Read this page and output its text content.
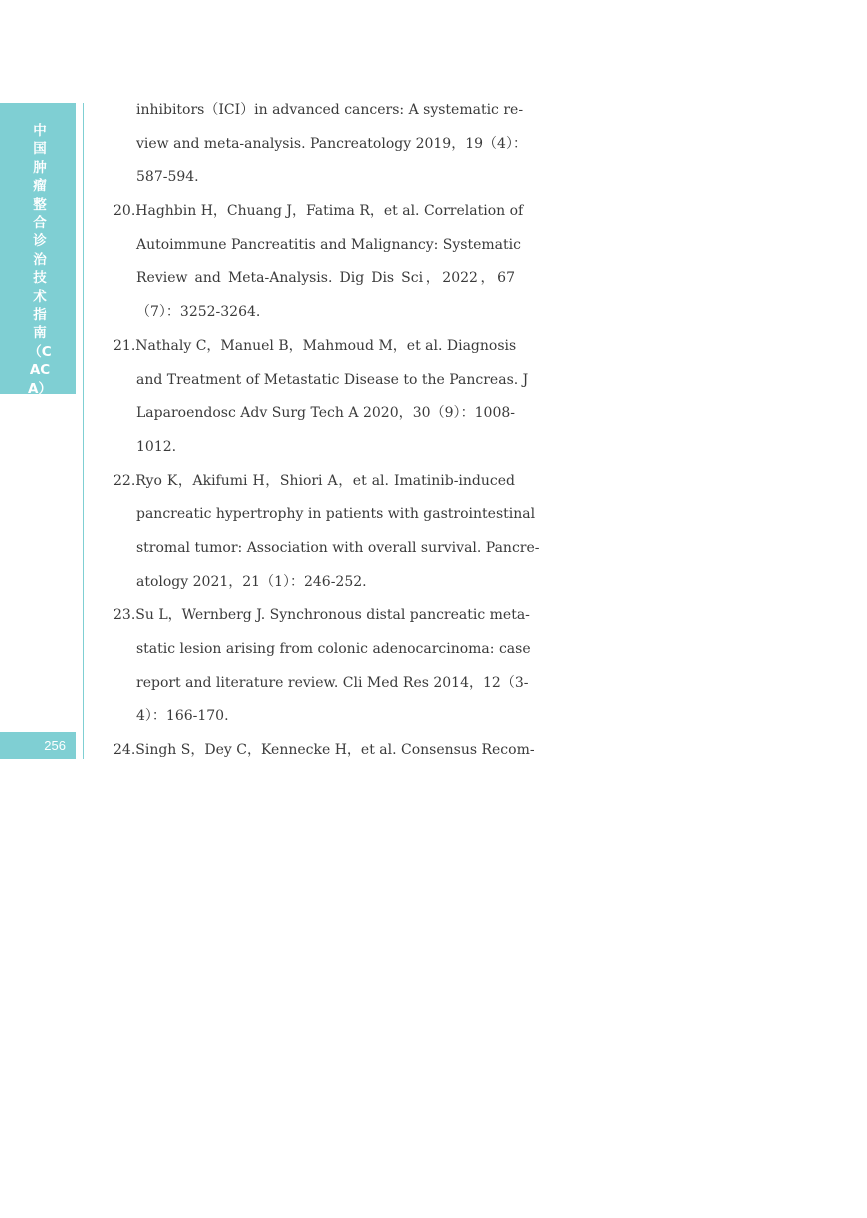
中国肿瘤整合诊治技术指南（CACA）
256
inhibitors（ICI）in advanced cancers: A systematic re-
view and meta-analysis. Pancreatology 2019，19（4）：
587-594.
20.Haghbin H，Chuang J，Fatima R，et al. Correlation of
Autoimmune Pancreatitis and Malignancy: Systematic
Review and Meta-Analysis. Dig Dis Sci，2022，67
（7）：3252-3264.
21.Nathaly C，Manuel B，Mahmoud M，et al. Diagnosis
and Treatment of Metastatic Disease to the Pancreas. J
Laparoendosc Adv Surg Tech A 2020，30（9）：1008-
1012.
22.Ryo K，Akifumi H，Shiori A，et al. Imatinib-induced
pancreatic hypertrophy in patients with gastrointestinal
stromal tumor: Association with overall survival. Pancre-
atology 2021，21（1）：246-252.
23.Su L，Wernberg J. Synchronous distal pancreatic meta-
static lesion arising from colonic adenocarcinoma: case
report and literature review. Cli Med Res 2014，12（3-
4）：166-170.
24.Singh S，Dey C，Kennecke H，et al. Consensus Recom-
